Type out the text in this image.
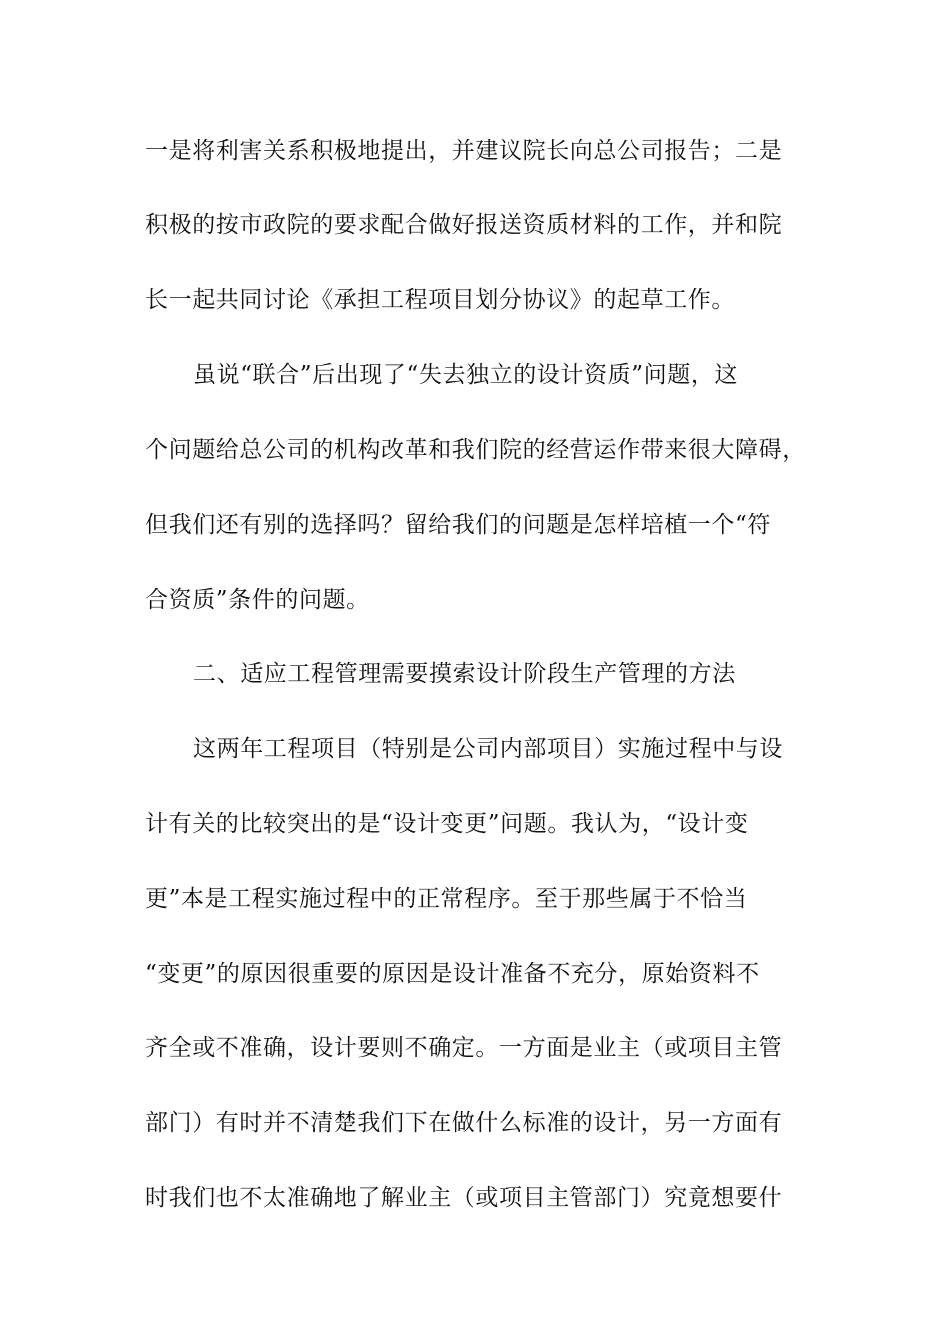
一是将利害关系积极地提出，并建议院长向总公司报告；二是
积极的按市政院的要求配合做好报送资质材料的工作，并和院
长一起共同讨论《承担工程项目划分协议》的起草工作。
虽说“联合”后出现了“失去独立的设计资质”问题，这
个问题给总公司的机构改革和我们院的经营运作带来很大障碍，
但我们还有别的选择吗？留给我们的问题是怎样培植一个“符
合资质”条件的问题。
二、适应工程管理需要摸索设计阶段生产管理的方法
这两年工程项目（特别是公司内部项目）实施过程中与设
计有关的比较突出的是“设计变更”问题。我认为，“设计变
更”本是工程实施过程中的正常程序。至于那些属于不恰当
“变更”的原因很重要的原因是设计准备不充分，原始资料不
齐全或不准确，设计要则不确定。一方面是业主（或项目主管
部门）有时并不清楚我们下在做什么标准的设计，另一方面有
时我们也不太准确地了解业主（或项目主管部门）究竟想要什
